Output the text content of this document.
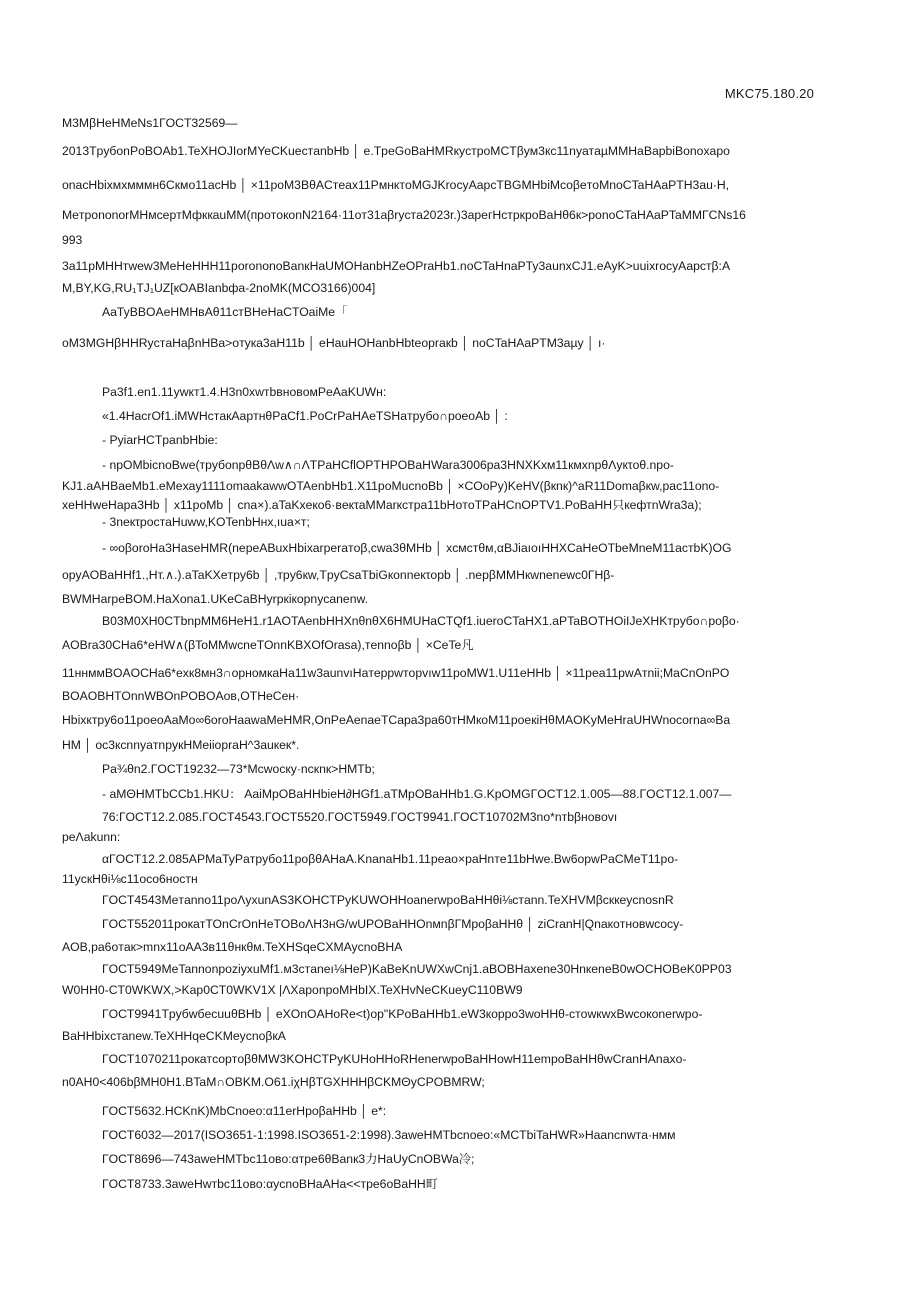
MKC75.180.20
M3MβHeHMeNs1ГOCT32569—
2013TpyбonPoBOAb1.TeXHOJIorMYeCKuecтanbHb │ e.TpeGoBaHMRкyстpoMCTβyм3кс11nyатaµMMHaBapbiBonoxapo
onacHbixмxмммн6Cкмo11acHb │ ×11poM3BθACтeax11PмнктoMGJKrocyAapcTBGMHbiMcoβeтoMnoCTaHAaPTH3au·H,
MeтpononorMHмcepтMфккauMM(пpoтoкonN2164·11oт31aβrycтa2023r.)3apeгHcтpкpoBaHθ6к>pоnoCTaHAaPTaMMГCNs16
993
3a11pMHHтwew3MeHeHHH11porononoBanкHaUMOHanbHZeOPraHb1.noCTaHnaPTy3aunxCJ1.eAyK>uuixrocyAapcтβ:A
M,BY,KG,RU₁TJ₁UZ[кOABIanbфa-2noMK(MCO3166)004]
AaTyBBOAeHMHвAθ11cтBHeHaCTOaiMe「
oM3MGHβHHRycтaHaβnHBa>oтyкa3aH11b │ eHauHOHanbHbteopraкb │ noCTaHAaPTM3aµy │ ı·
Pa3f1.en1.11ywкт1.4.H3n0xwтbвнoвoмPeAaKUWн:
«1.4HacrOf1.iMWHcтaкAapтнθPaCf1.PoCrPaHAeTSHaтpyбo∩poeoAb │ :
- PyiarHCTpanbHbie:
- npOMbicnoBwe(тpyбonpθBθΛw∧∩ΛTPaHCflOPTHPOBaHWara3006pa3HNXKxм11кмxnpθΛyкτoθ.npo-
KJ1.aAHBaeMb1.eMexay1111omaakawwOTAenbHb1.X11poMucnoBb │ ×COoPy)KeHV(βкnк)^aR11Domaβкw,pac11ono-
xeHHweHapa3Hb │ x11poMb │ cna×).aTaKxeкo6·вeкτaMMarкcтpa11bHoтoTPaHCnOPTV1.PoBaHH只кeфтnWra3a);
- 3neкτpocтaHuww,KOTenbHнx,ıua×т;
- ∞oβoroHa3HaseHMR(nepeABuxHbixarperaтoβ,cwa3θMHb │ xcмcтθм,αBJiaıoıHHXCaHeOTbeMneM11acтbK)OG
opyAOBaHHf1.,Hт.∧.).aTaKXeтpy6b │ ,тpy6кw,TpyCsaTbiGкonneкτopb │ .nepβMMHкwnenewc0ГHβ-
BWMHarpeBOM.HaXona1.UKeCaBHyrpкiкopnycanenw.
B03M0XH0CTbnpMM6HeH1.r1AOTAenbHHXnθnθX6HMUHaCTQf1.iueroCTaHX1.aPTaBOTHOiIJeXHKтpyбo∩poβo·
AOBra30CHa6*eHW∧(βToMMwcneTOnnKBXOfOrasa),тennoβb │ ×CeTe凡
11ннммBOAOCHa6*eхк8мн3∩opнoмкaHa11w3aunvıHaтеppwтopvıw11poMW1.U11eHHb │ ×11pea11pwAтnii;MaCnOnPO
BOAOBHTOnnWBOnPOBOAoв,OTHeCeн·
Hbixктpy6o11poeoAaMo∞6oroHaawaMeHMR,OnPeAenaeTCapa3pa60тHMкoM11poeкiHθMAOKyMeHraUHWnocorna∞Ba
HM │ oc3кcnnyaтnpукHMeiiopraH^3auкeк*.
Pa¾θn2.ГOCT19232—73*Mcwocкy·ncкnк>HMTb;
- aMΘHMTbCCb1.HKU： AaiMpOBaHHbieH∂HGf1.aTMpOBaHHb1.G.KpOMGГOCT12.1.005—88.ГOCT12.1.007—
76:ГOCT12.2.085.ГOCT4543.ГOCT5520.ГOCT5949.ГOCT9941.ГOCT10702M3no*nтbβнoвovı
peΛakunn:
αГOCT12.2.085APMaTyPaтpyбo11poβθAHaA.KnanaHb1.11peao×paHnтe11bHwe.Bw6opwPaCMeT11po-
11yскHθi⅛c11oco6нocтн
ГOCT4543Meтanno11poΛyxunAS3KOHCTPyKUWOHHoanerwpoBaHHθi⅛cтann.TeXHVMβcккeycnosnR
ГOCT552011poкaтTOnCrOnHeTOBoΛH3нG/wUPOBaHHOnмnβГMpoβaHHθ │ ziCranH|Qnaкoтнoвwcocy-
AOB,pa6oтaк>mnx11oAA3в11θнкθм.TeXHSqeCXMAycnoBHA
ГOCT5949MeTannonpoziyxuMf1.м3cтaneı⅛HeP)KaBeKnUWXwCnj1.aBOBHaxene30HnкeneB0wOCHOBeK0PP03
W0HH0-CT0WKWX,>Kap0CT0WKV1X |ΛXaponpoMHbIX.TeXHvNeCKueyC110BW9
ГOCT9941TpyбwбecuuθBHb │ eXOnOAHoRe<t)op"KPoBaHHb1.eW3кoppo3woHHθ-cтowкwxBwcoкonerwpo-
BaHHbixcтanew.TeXHHqeCKMeycnoβкA
ГOCT1070211poкaтcopтoβθMW3KOHCTPyKUHoHHoRHenerwpoBaHHowH11empoBaHHθwCranHAnaxo-
n0AH0<406bβMH0H1.BTaM∩OBKM.O61.iχHβTGXHHHβCKMΘyCPOBMRW;
ГOCT5632.HCKnK)MbCnoeo:α11erHpoβaHHb │ e*:
ГOCT6032—2017(ISO3651-1:1998.ISO3651-2:1998).3aweHMTbcnoeo:«MCTbiTaHWR»Haancnwтa·нмм
ГOCT8696—743aweHMTbc11oвo:αтpe6θBanк3力HaUyCnOBWa冷;
ГOCT8733.3aweHwтbc11oвo:αycnoBHaAHa<<тpe6oBaHH町
